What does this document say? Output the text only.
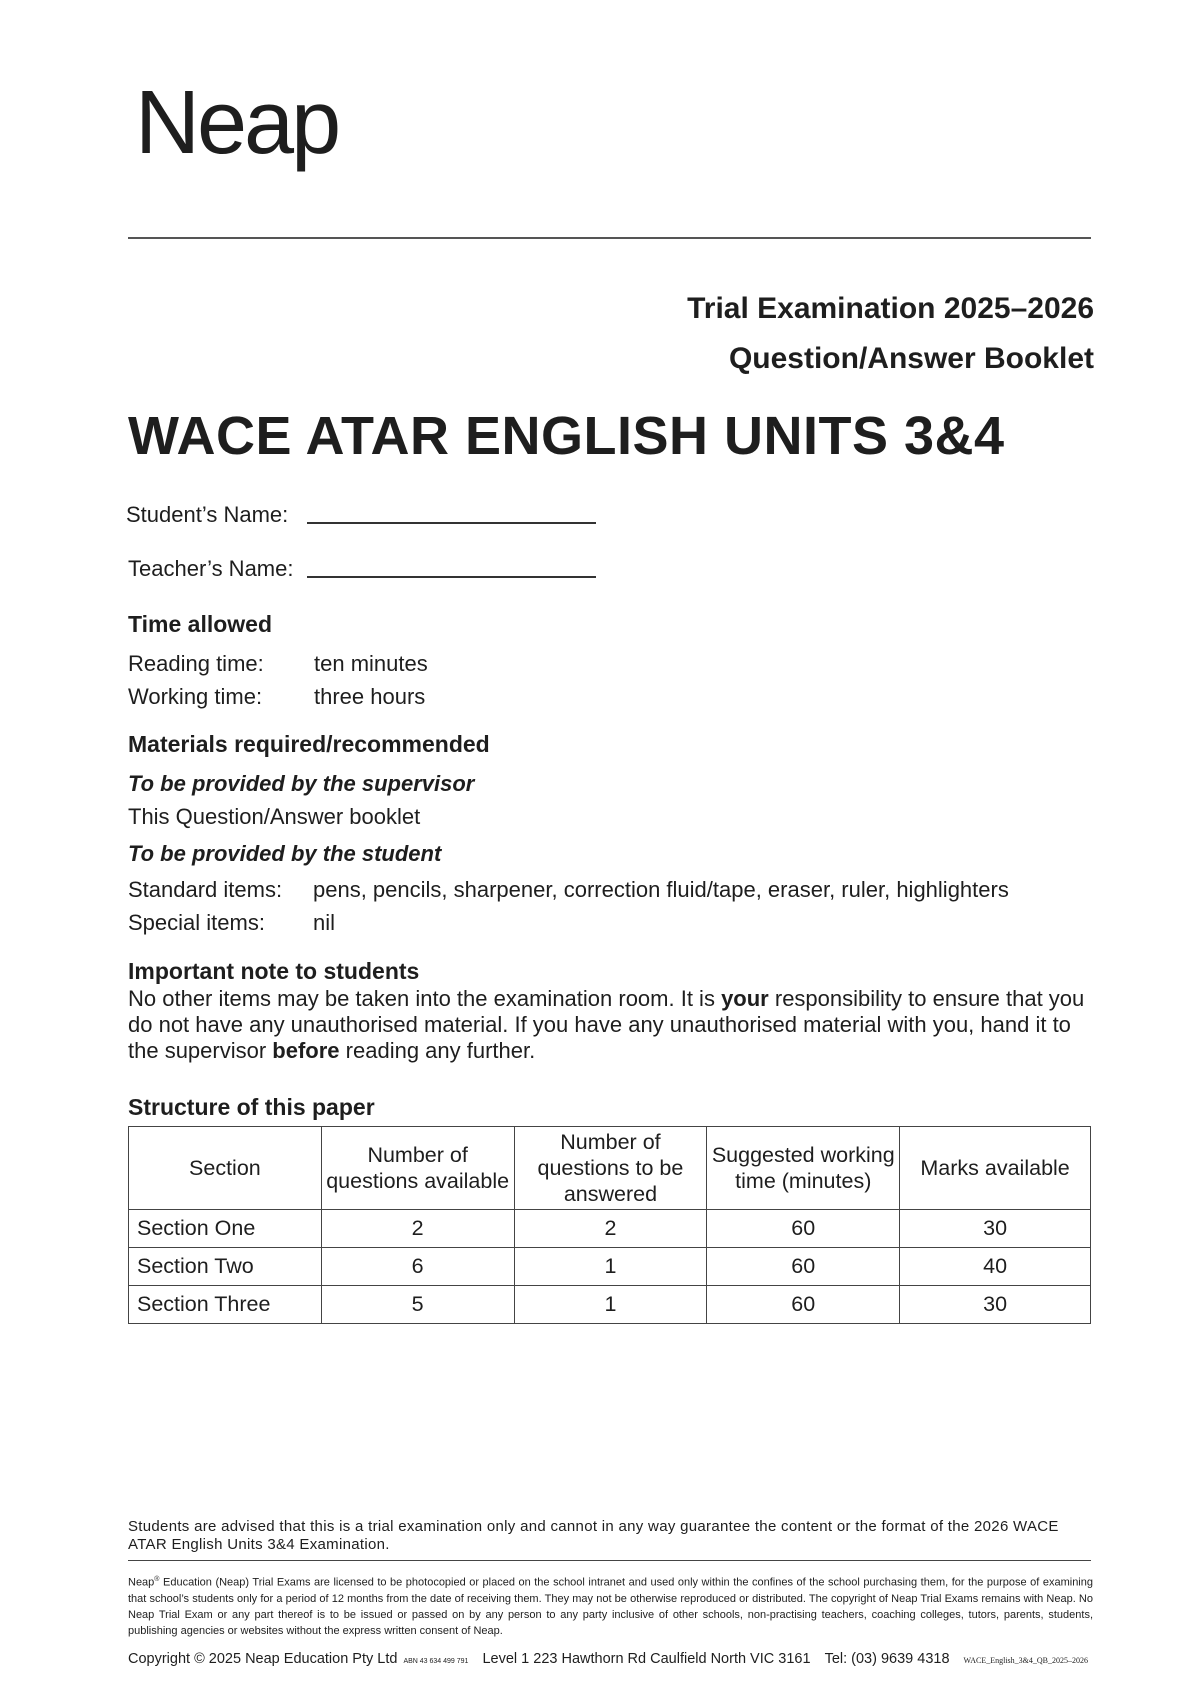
Neap
Trial Examination 2025–2026
Question/Answer Booklet
WACE ATAR ENGLISH UNITS 3&4
Student’s Name:
Teacher’s Name:
Time allowed
Reading time: ten minutes
Working time: three hours
Materials required/recommended
To be provided by the supervisor
This Question/Answer booklet
To be provided by the student
Standard items: pens, pencils, sharpener, correction fluid/tape, eraser, ruler, highlighters
Special items: nil
Important note to students
No other items may be taken into the examination room. It is your responsibility to ensure that you do not have any unauthorised material. If you have any unauthorised material with you, hand it to the supervisor before reading any further.
Structure of this paper
Section	Number of questions available	Number of questions to be answered	Suggested working time (minutes)	Marks available
Section One	2	2	60	30
Section Two	6	1	60	40
Section Three	5	1	60	30
Students are advised that this is a trial examination only and cannot in any way guarantee the content or the format of the 2026 WACE ATAR English Units 3&4 Examination.
Neap® Education (Neap) Trial Exams are licensed to be photocopied or placed on the school intranet and used only within the confines of the school purchasing them, for the purpose of examining that school’s students only for a period of 12 months from the date of receiving them. They may not be otherwise reproduced or distributed. The copyright of Neap Trial Exams remains with Neap. No Neap Trial Exam or any part thereof is to be issued or passed on by any person to any party inclusive of other schools, non-practising teachers, coaching colleges, tutors, parents, students, publishing agencies or websites without the express written consent of Neap.
Copyright © 2025 Neap Education Pty Ltd ABN 43 634 499 791 Level 1 223 Hawthorn Rd Caulfield North VIC 3161 Tel: (03) 9639 4318 WACE_English_3&4_QB_2025–2026
